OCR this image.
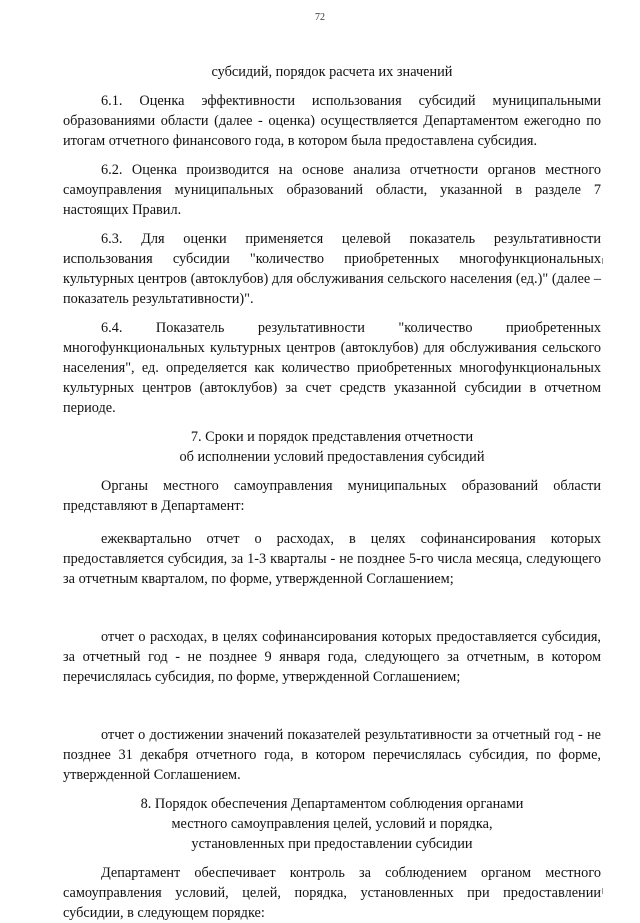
72

субсидий, порядок расчета их значений

6.1. Оценка эффективности использования субсидий муниципальными образованиями области (далее - оценка) осуществляется Департаментом ежегодно по итогам отчетного финансового года, в котором была предоставлена субсидия.

6.2. Оценка производится на основе анализа отчетности органов местного самоуправления муниципальных образований области, указанной в разделе 7 настоящих Правил.

6.3. Для оценки применяется целевой показатель результативности использования субсидии "количество приобретенных многофункциональных культурных центров (автоклубов) для обслуживания сельского населения (ед.)" (далее – показатель результативности)".

6.4. Показатель результативности "количество приобретенных многофункциональных культурных центров (автоклубов) для обслуживания сельского населения", ед. определяется как количество приобретенных многофункциональных культурных центров (автоклубов) за счет средств указанной субсидии в отчетном периоде.

7. Сроки и порядок представления отчетности

об исполнении условий предоставления субсидий

Органы местного самоуправления муниципальных образований области представляют в Департамент:

ежеквартально отчет о расходах, в целях софинансирования которых предоставляется субсидия, за 1-3 кварталы - не позднее 5-го числа месяца, следующего за отчетным кварталом, по форме, утвержденной Соглашением;

отчет о расходах, в целях софинансирования которых предоставляется субсидия, за отчетный год - не позднее 9 января года, следующего за отчетным, в котором перечислялась субсидия, по форме, утвержденной Соглашением;

отчет о достижении значений показателей результативности за отчетный год - не позднее 31 декабря отчетного года, в котором перечислялась субсидия, по форме, утвержденной Соглашением.

8. Порядок обеспечения Департаментом соблюдения органами

местного самоуправления целей, условий и порядка,

установленных при предоставлении субсидии

Департамент обеспечивает контроль за соблюдением органом местного самоуправления условий, целей, порядка, установленных при предоставлении субсидии, в следующем порядке:
